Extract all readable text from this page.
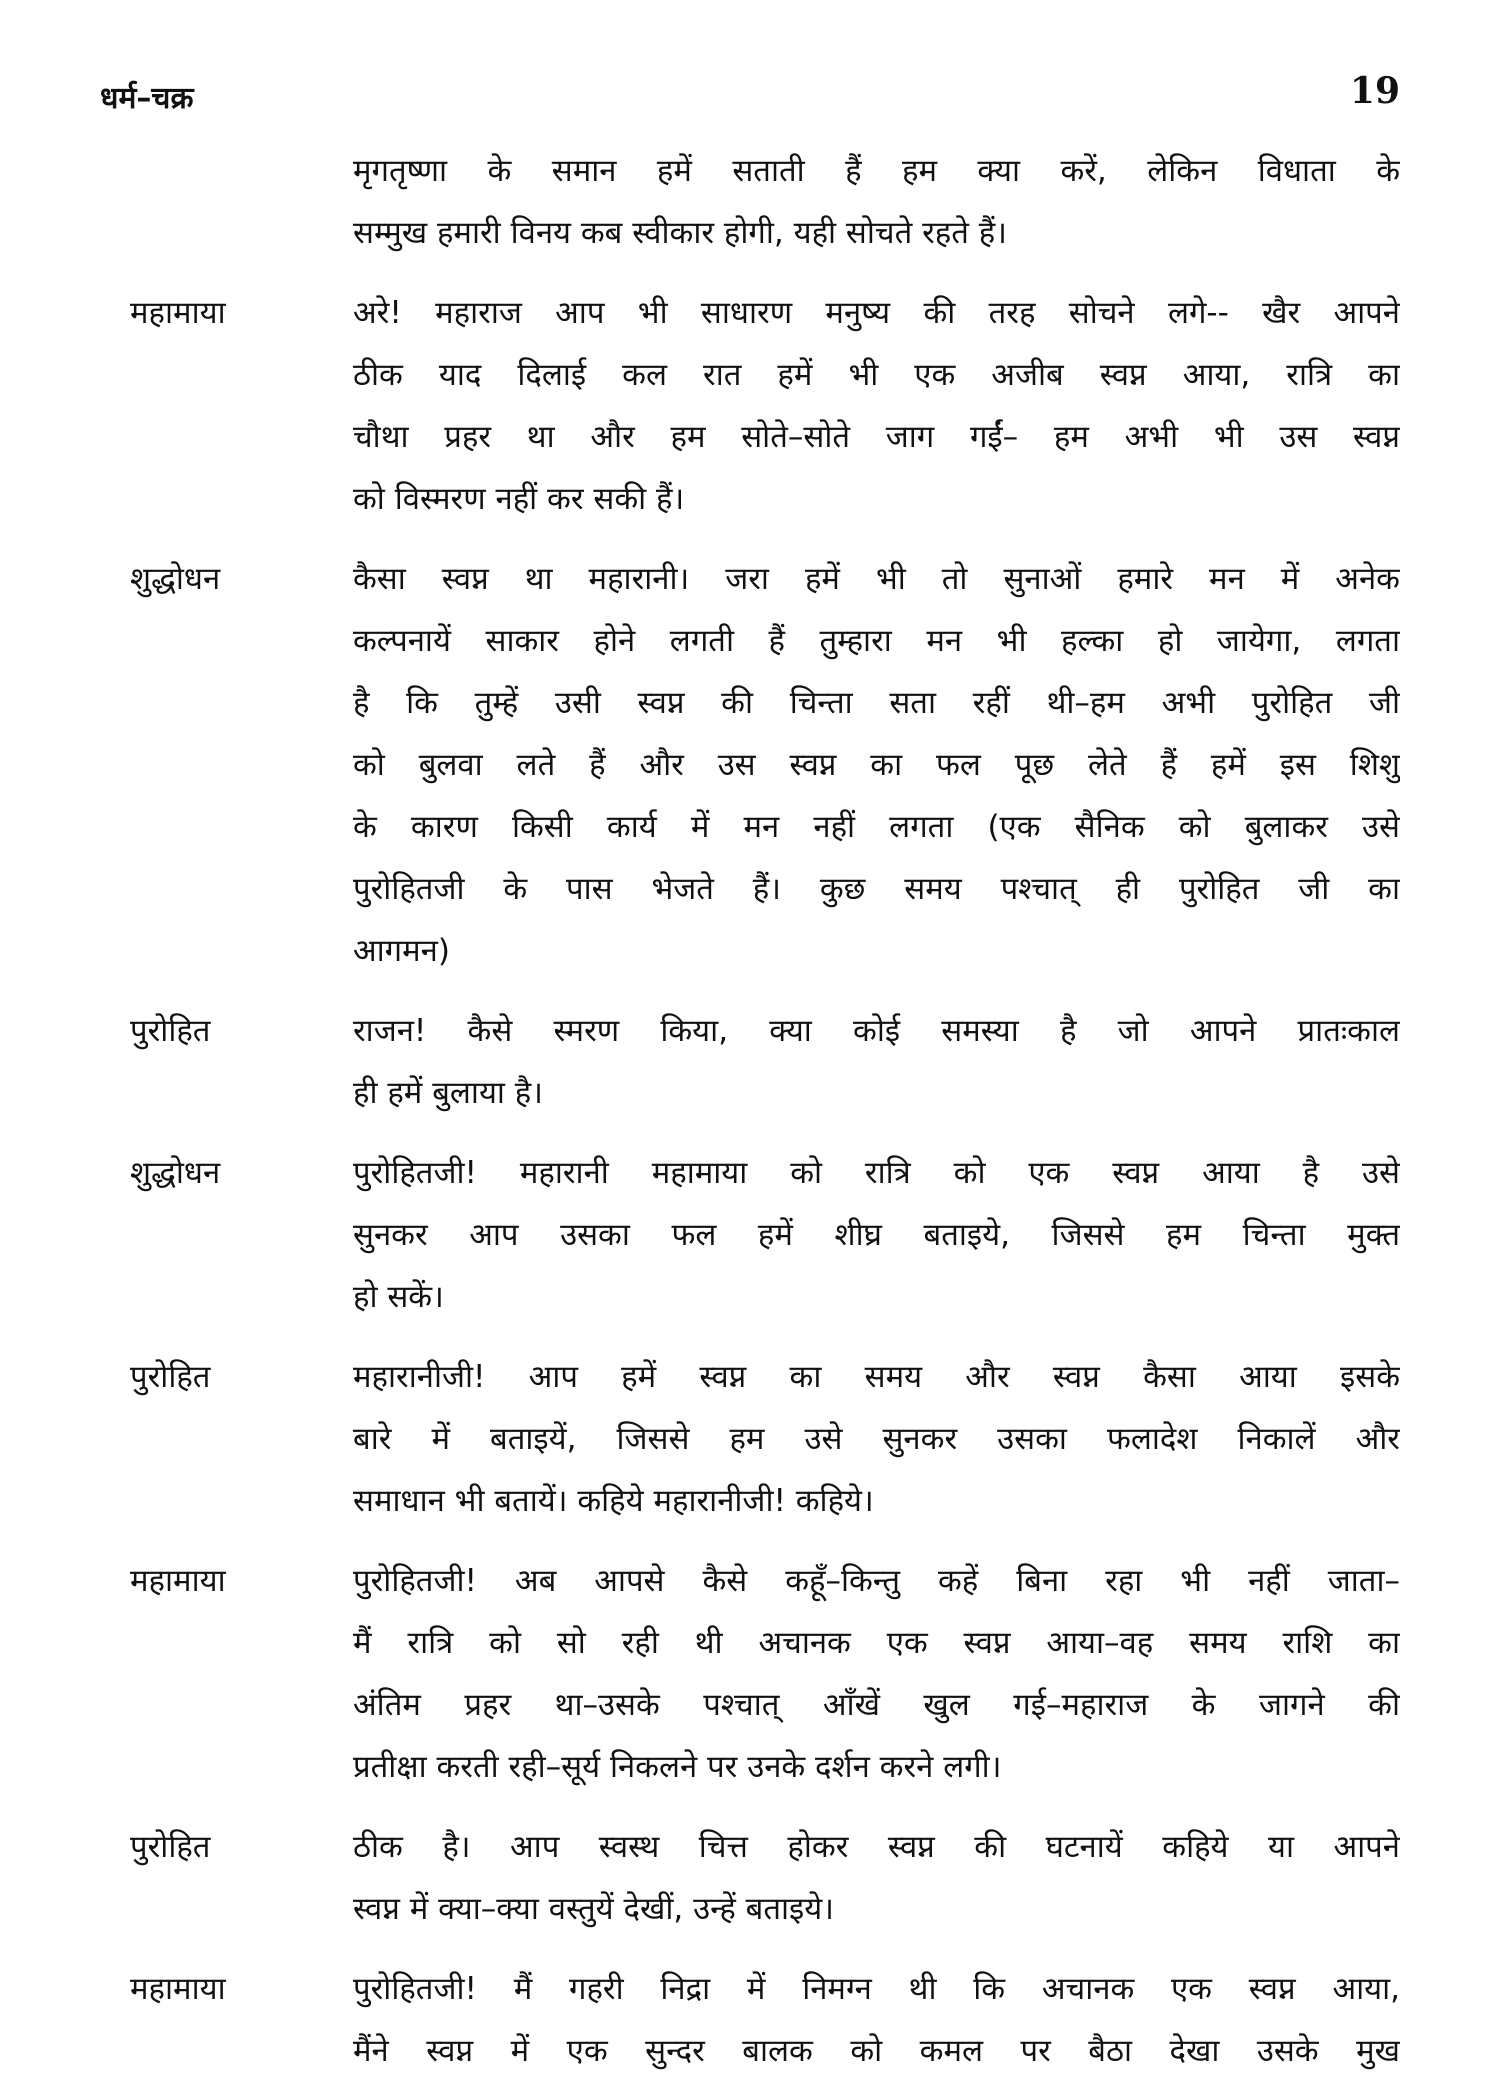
धर्म–चक्र	19
मृगतृष्णा के समान हमें सताती हैं हम क्या करें, लेकिन विधाता के
सम्मुख हमारी विनय कब स्वीकार होगी, यही सोचते रहते हैं।
महामाया	अरे! महाराज आप भी साधारण मनुष्य की तरह सोचने लगे-- खैर आपने
ठीक याद दिलाई कल रात हमें भी एक अजीब स्वप्न आया, रात्रि का
चौथा प्रहर था और हम सोते–सोते जाग गईं– हम अभी भी उस स्वप्न
को विस्मरण नहीं कर सकी हैं।
शुद्धोधन	कैसा स्वप्न था महारानी। जरा हमें भी तो सुनाओं हमारे मन में अनेक
कल्पनायें साकार होने लगती हैं तुम्हारा मन भी हल्का हो जायेगा, लगता
है कि तुम्हें उसी स्वप्न की चिन्ता सता रहीं थी–हम अभी पुरोहित जी
को बुलवा लते हैं और उस स्वप्न का फल पूछ लेते हैं हमें इस शिशु
के कारण किसी कार्य में मन नहीं लगता (एक सैनिक को बुलाकर उसे
पुरोहितजी के पास भेजते हैं। कुछ समय पश्चात् ही पुरोहित जी का
आगमन)
पुरोहित	राजन! कैसे स्मरण किया, क्या कोई समस्या है जो आपने प्रातःकाल
ही हमें बुलाया है।
शुद्धोधन	पुरोहितजी! महारानी महामाया को रात्रि को एक स्वप्न आया है उसे
सुनकर आप उसका फल हमें शीघ्र बताइये, जिससे हम चिन्ता मुक्त
हो सकें।
पुरोहित	महारानीजी! आप हमें स्वप्न का समय और स्वप्न कैसा आया इसके
बारे में बताइयें, जिससे हम उसे सुनकर उसका फलादेश निकालें और
समाधान भी बतायें। कहिये महारानीजी! कहिये।
महामाया	पुरोहितजी! अब आपसे कैसे कहूँ–किन्तु कहें बिना रहा भी नहीं जाता–
मैं रात्रि को सो रही थी अचानक एक स्वप्न आया–वह समय राशि का
अंतिम प्रहर था–उसके पश्चात् आँखें खुल गई–महाराज के जागने की
प्रतीक्षा करती रही–सूर्य निकलने पर उनके दर्शन करने लगी।
पुरोहित	ठीक है। आप स्वस्थ चित्त होकर स्वप्न की घटनायें कहिये या आपने
स्वप्न में क्या–क्या वस्तुयें देखीं, उन्हें बताइये।
महामाया	पुरोहितजी! मैं गहरी निद्रा में निमग्न थी कि अचानक एक स्वप्न आया,
मैंने स्वप्न में एक सुन्दर बालक को कमल पर बैठा देखा उसके मुख
